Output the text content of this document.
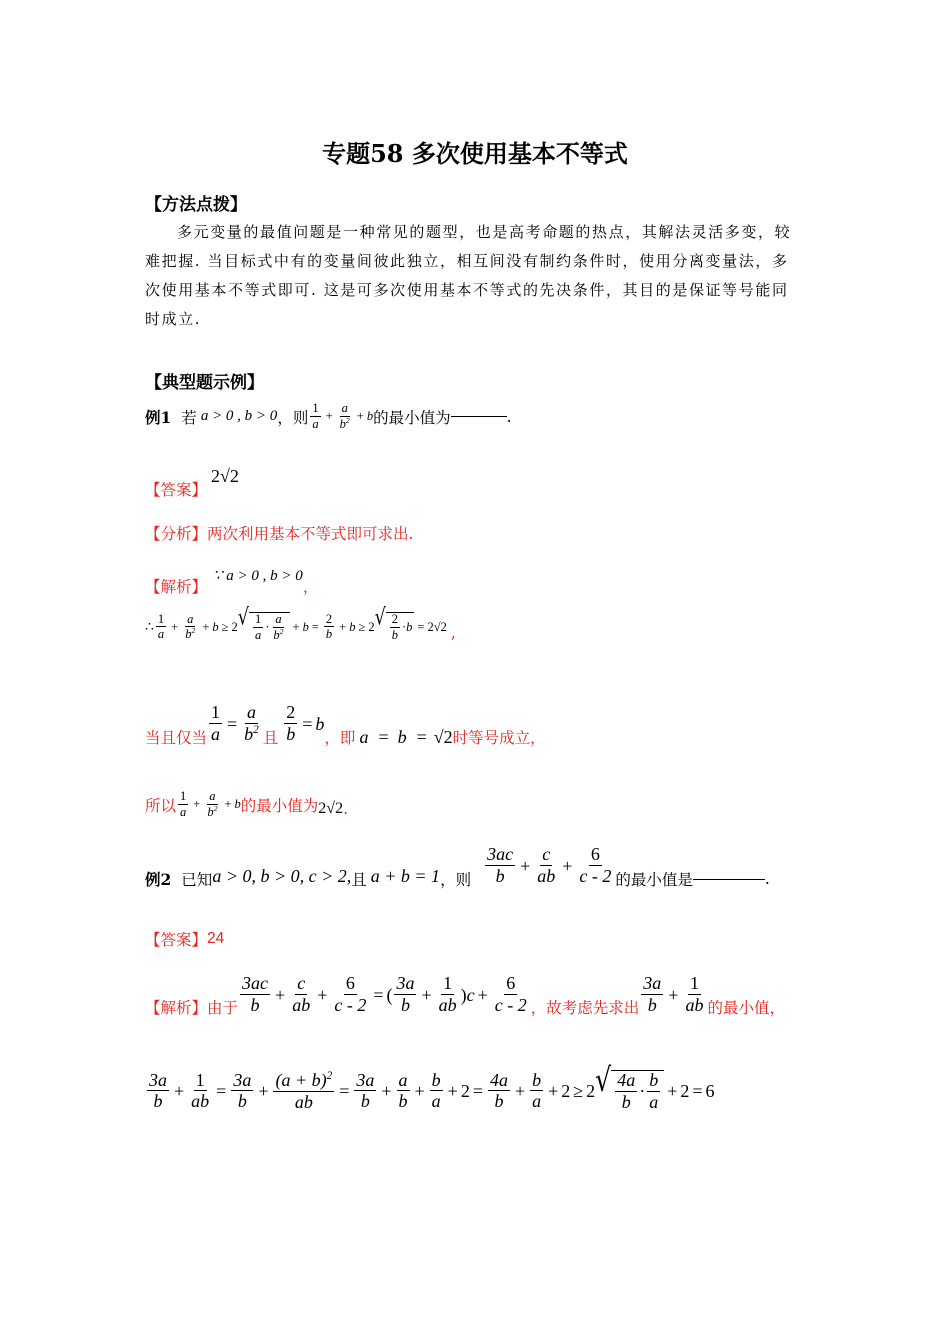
专题58 多次使用基本不等式
【方法点拨】
多元变量的最值问题是一种常见的题型，也是高考命题的热点，其解法灵活多变，较难把握. 当目标式中有的变量间彼此独立，相互间没有制约条件时，使用分离变量法，多次使用基本不等式即可. 这是可多次使用基本不等式的先决条件，其目的是保证等号能同时成立.
【典型题示例】
例1 若 a > 0 , b > 0 ，则 $\frac{1}{a} + \frac{a}{b^2} + b$ 的最小值为	.
【答案】
2√2
【分析】 两次利用基本不等式即可求出.
【解析】
∵ a > 0 , b > 0
，
∴ $\frac{1}{a} + \frac{a}{b^2} + b \ge 2$ √ $\frac{1}{a} \cdot \frac{a}{b^2} + b = \frac{2}{b} + b \ge 2$ √ $\frac{2}{b} \cdot b = 2√2$ ,
当且仅当 $\frac{1}{a} = \frac{a}{b^2}$ 且 $\frac{2}{b} = b$
，即 a = b = √2 时等号成立，
所以 $\frac{1}{a} + \frac{a}{b^2} + b$ 的最小值为 2√2 .
例2 已知 a > 0, b > 0, c > 2, 且 a + b = 1 ，则 $\frac{3ac}{b} + \frac{c}{ab} + \frac{6}{c - 2}$ 的最小值是	.
【答案】 24
【解析】 由于 $\frac{3ac}{b} + \frac{c}{ab} + \frac{6}{c - 2}$ = ( $\frac{3a}{b} + \frac{1}{ab}$ ) $c + \frac{6}{c - 2}$ ，故考虑先求出 $\frac{3a}{b} + \frac{1}{ab}$ 的最小值，
$\frac{3a}{b} + \frac{1}{ab} = \frac{3a}{b} + \frac{(a + b)^2}{ab} = \frac{3a}{b} + \frac{a}{b} + \frac{b}{a} + 2 = \frac{4a}{b} + \frac{b}{a} + 2 \ge 2$ √ $\frac{4a}{b} \cdot \frac{b}{a} + 2 = 6$
